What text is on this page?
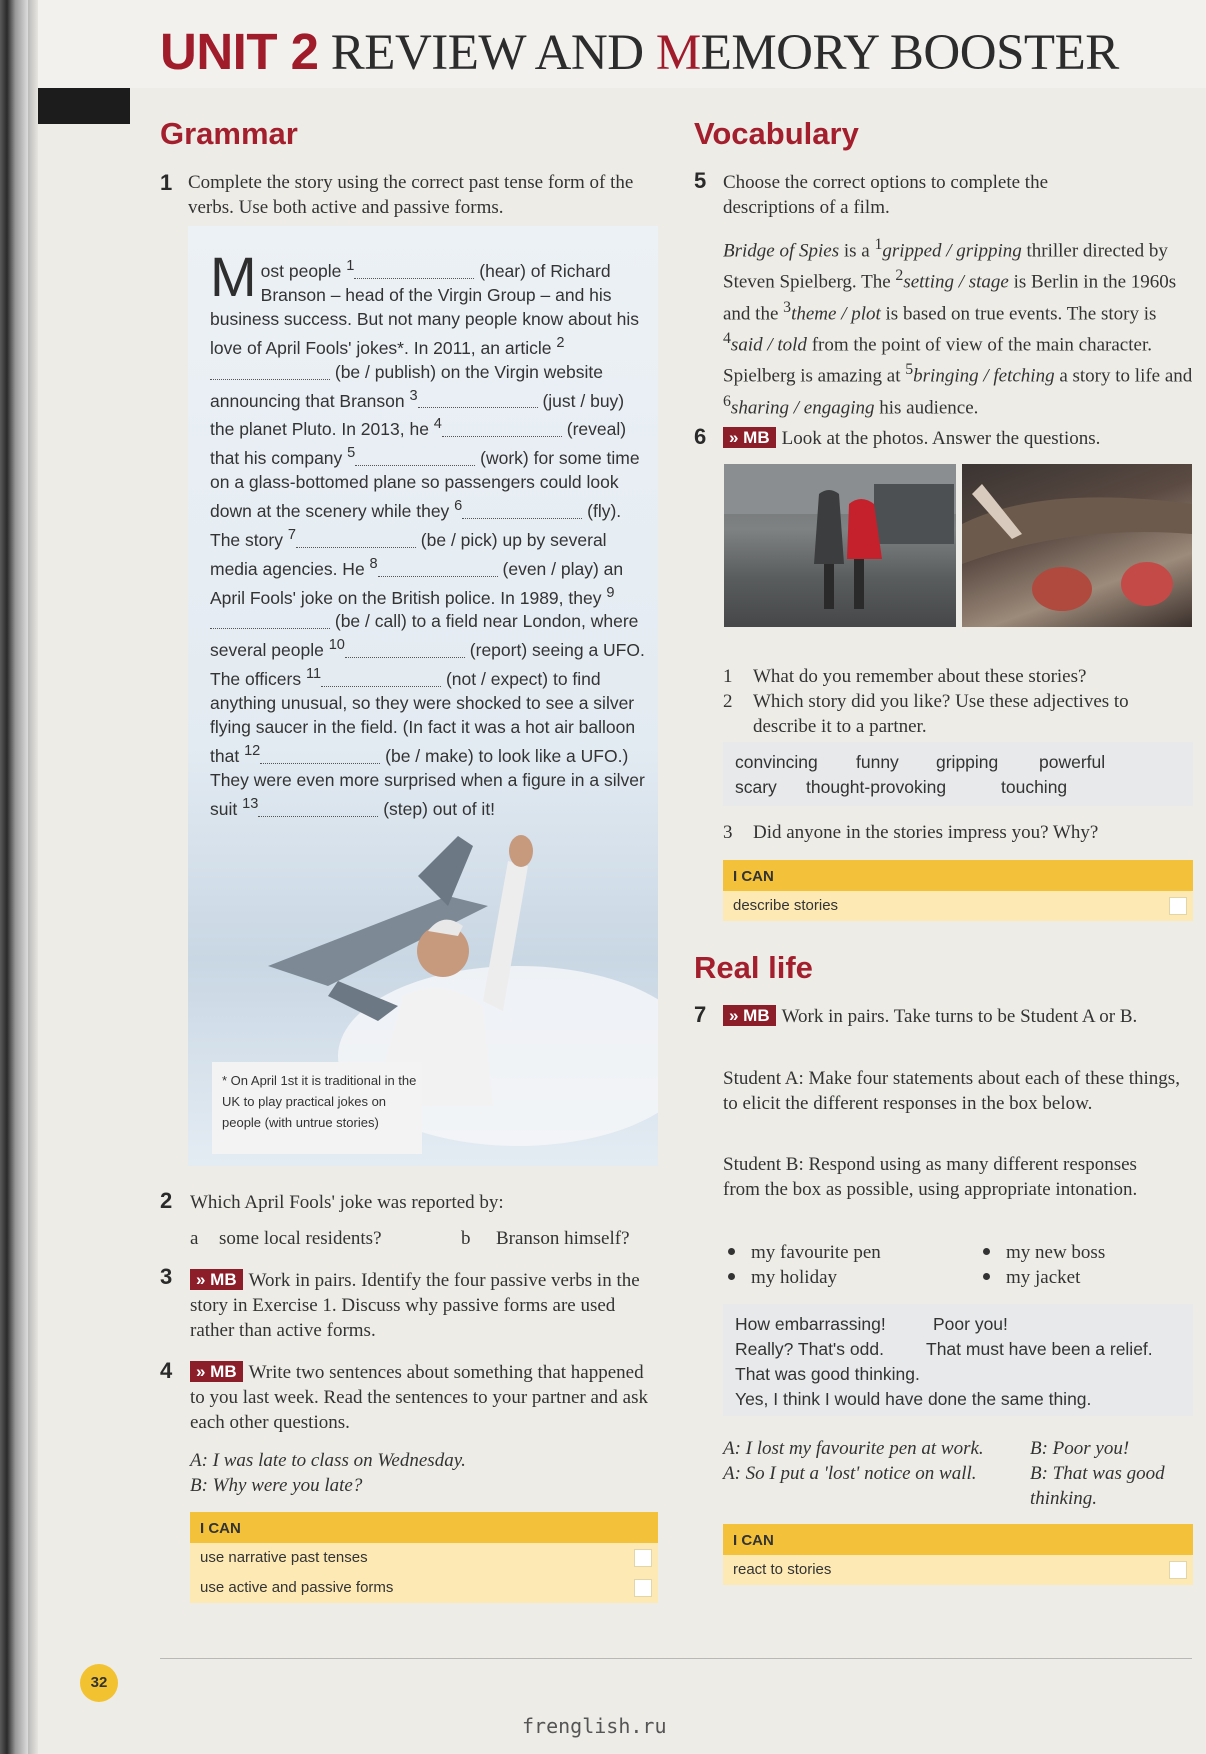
UNIT 2 REVIEW AND MEMORY BOOSTER
Grammar
1 Complete the story using the correct past tense form of the verbs. Use both active and passive forms.
Most people $^1$	(hear) of Richard Branson – head of the Virgin Group – and his business success. But not many people know about his love of April Fools' jokes*. In 2011, an article $^2$ (be / publish) on the Virgin website announcing that Branson $^3$	(just / buy) the planet Pluto. In 2013, he $^4$	(reveal) that his company $^5$	(work) for some time on a glass-bottomed plane so passengers could look down at the scenery while they $^6$	(fly). The story $^7$	(be / pick) up by several media agencies. He $^8$	(even / play) an April Fools' joke on the British police. In 1989, they $^9$ (be / call) to a field near London, where several people $^{10}$	(report) seeing a UFO. The officers $^{11}$	(not / expect) to find anything unusual, so they were shocked to see a silver flying saucer in the field. (In fact it was a hot air balloon that $^{12}$	(be / make) to look like a UFO.) They were even more surprised when a figure in a silver suit $^{13}$	(step) out of it!
* On April 1st it is traditional in the UK to play practical jokes on people (with untrue stories)
2 Which April Fools' joke was reported by:
a some local residents?	b Branson himself?
3	» MB Work in pairs. Identify the four passive verbs in the story in Exercise 1. Discuss why passive forms are used rather than active forms.
4	» MB Write two sentences about something that happened to you last week. Read the sentences to your partner and ask each other questions.
A: I was late to class on Wednesday.
B: Why were you late?
I CAN
use narrative past tenses
use active and passive forms
Vocabulary
5 Choose the correct options to complete the descriptions of a film.
Bridge of Spies is a $^1$gripped / gripping thriller directed by Steven Spielberg. The $^2$setting / stage is Berlin in the 1960s and the $^3$theme / plot is based on true events. The story is $^4$said / told from the point of view of the main character. Spielberg is amazing at $^5$bringing / fetching a story to life and $^6$sharing / engaging his audience.
6	» MB Look at the photos. Answer the questions.
1 What do you remember about these stories?
2 Which story did you like? Use these adjectives to describe it to a partner.
convincing funny gripping powerful
scary thought-provoking	touching
3 Did anyone in the stories impress you? Why?
I CAN
describe stories
Real life
7	» MB Work in pairs. Take turns to be Student A or B.
Student A: Make four statements about each of these things, to elicit the different responses in the box below.
Student B: Respond using as many different responses from the box as possible, using appropriate intonation.
my favourite pen	my new boss
my holiday	my jacket
How embarrassing!	Poor you!
Really? That's odd. That must have been a relief.
That was good thinking.
Yes, I think I would have done the same thing.
A: I lost my favourite pen at work. B: Poor you!
A: So I put a 'lost' notice on wall.	B: That was good thinking.
I CAN
react to stories
32
frenglish.ru
